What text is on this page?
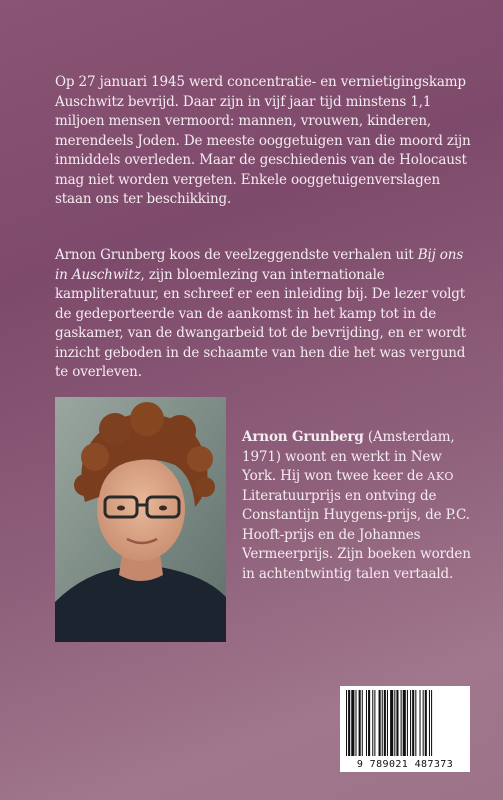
Op 27 januari 1945 werd concentratie- en vernietigingskamp Auschwitz bevrijd. Daar zijn in vijf jaar tijd minstens 1,1 miljoen mensen vermoord: mannen, vrouwen, kinderen, merendeels Joden. De meeste ooggetuigen van die moord zijn inmiddels overleden. Maar de geschiedenis van de Holocaust mag niet worden vergeten. Enkele ooggetuigenverslagen staan ons ter beschikking.

Arnon Grunberg koos de veelzeggendste verhalen uit Bij ons in Auschwitz, zijn bloemlezing van internationale kampliteratuur, en schreef er een inleiding bij. De lezer volgt de gedeporteerde van de aankomst in het kamp tot in de gaskamer, van de dwangarbeid tot de bevrijding, en er wordt inzicht geboden in de schaamte van hen die het was vergund te overleven.

Arnon Grunberg (Amsterdam, 1971) woont en werkt in New York. Hij won twee keer de AKO Literatuurprijs en ontving de Constantijn Huygens-prijs, de P.C. Hooft-prijs en de Johannes Vermeerprijs. Zijn boeken worden in achtentwintig talen vertaald.

9 789021 487373
